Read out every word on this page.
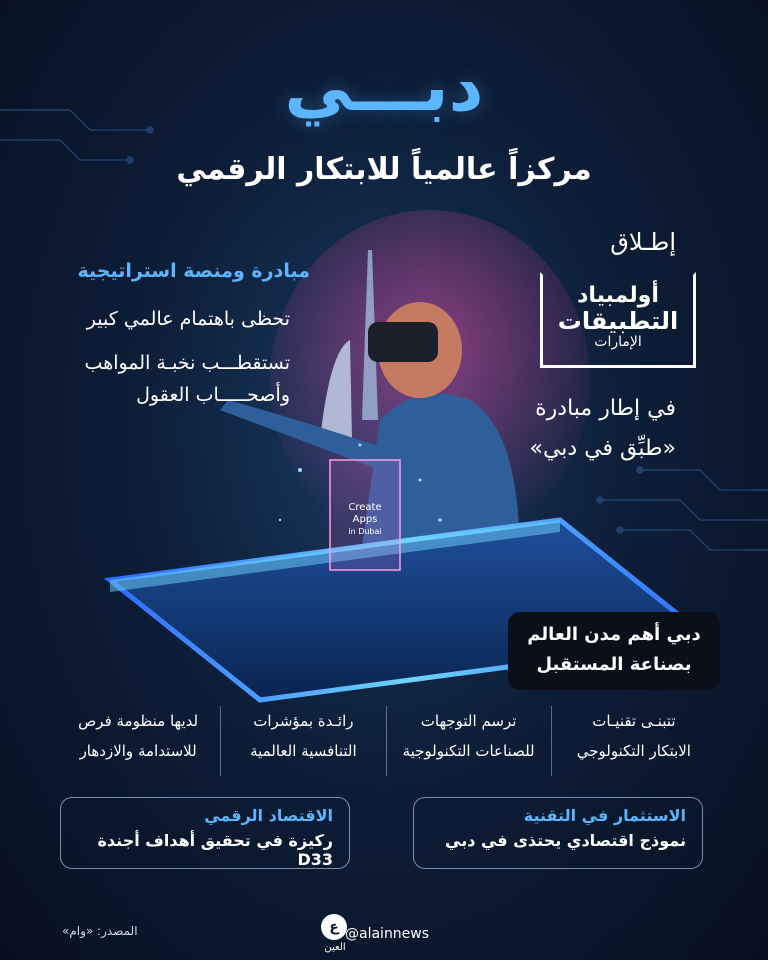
Create
Apps
in Dubai
دبـــي
مركزاً عالمياً للابتكار الرقمي
مبادرة ومنصة استراتيجية
تحظى باهتمام عالمي كبير
تستقطـــب نخبـة المواهب
وأصحـــــاب العقول
إطـلاق
أولمبياد
التطبيقات
الإمارات
في إطار مبادرة
«طبِّق في دبي»
دبي أهم مدن العالم
بصناعة المستقبل
تتبنـى تقنيـات
الابتكار التكنولوجي
ترسم التوجهات
للصناعات التكنولوجية
رائـدة بمؤشرات
التنافسية العالمية
لديها منظومة فرص
للاستدامة والازدهار
الاستثمار في التقنية
نموذج اقتصادي يحتذى في دبي
الاقتصاد الرقمي
ركيزة في تحقيق أهداف أجندة D33
ع
العين
@alainnews
المصدر: «وام»
